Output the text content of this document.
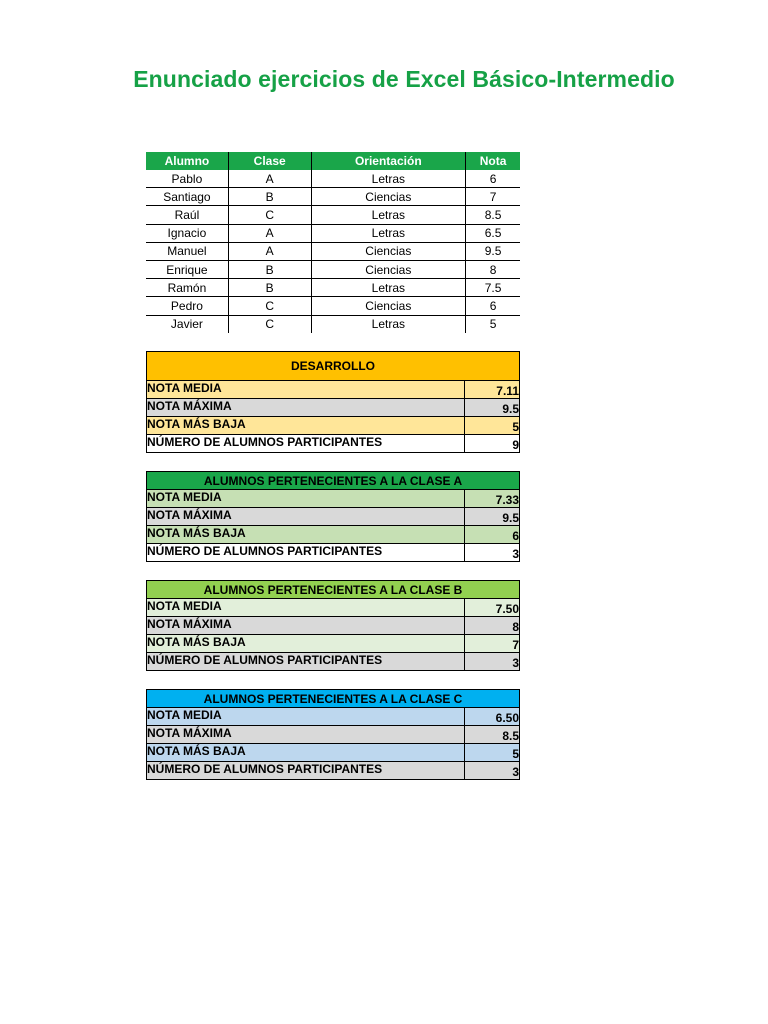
Enunciado ejercicios de Excel Básico-Intermedio
Alumno	Clase	Orientación	Nota
Pablo	A	Letras	6
Santiago	B	Ciencias	7
Raúl	C	Letras	8.5
Ignacio	A	Letras	6.5
Manuel	A	Ciencias	9.5
Enrique	B	Ciencias	8
Ramón	B	Letras	7.5
Pedro	C	Ciencias	6
Javier	C	Letras	5
DESARROLLO	
NOTA MEDIA	7.11
NOTA MÁXIMA	9.5
NOTA MÁS BAJA	5
NÚMERO DE ALUMNOS PARTICIPANTES	9
ALUMNOS PERTENECIENTES A LA CLASE A	
NOTA MEDIA	7.33
NOTA MÁXIMA	9.5
NOTA MÁS BAJA	6
NÚMERO DE ALUMNOS PARTICIPANTES	3
ALUMNOS PERTENECIENTES A LA CLASE B	
NOTA MEDIA	7.50
NOTA MÁXIMA	8
NOTA MÁS BAJA	7
NÚMERO DE ALUMNOS PARTICIPANTES	3
ALUMNOS PERTENECIENTES A LA CLASE C	
NOTA MEDIA	6.50
NOTA MÁXIMA	8.5
NOTA MÁS BAJA	5
NÚMERO DE ALUMNOS PARTICIPANTES	3
